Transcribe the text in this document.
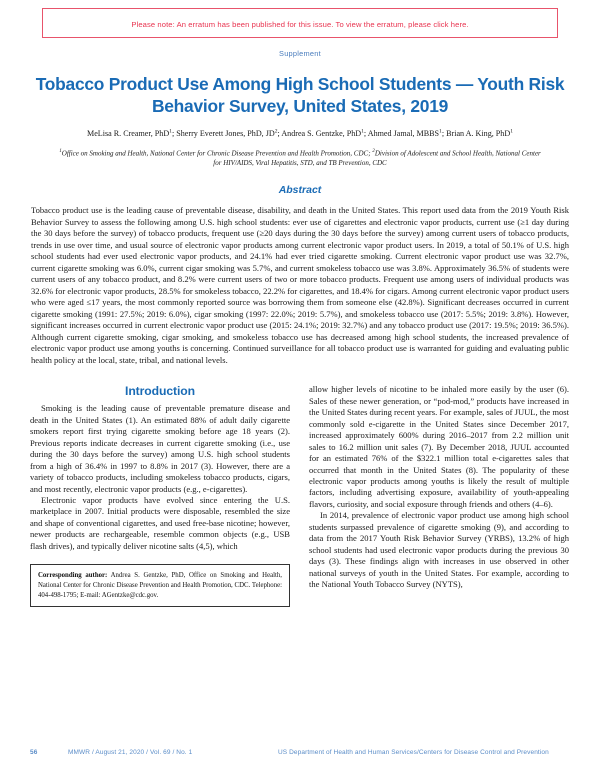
Please note: An erratum has been published for this issue. To view the erratum, please click here.
Supplement
Tobacco Product Use Among High School Students — Youth Risk Behavior Survey, United States, 2019
MeLisa R. Creamer, PhD$^1$; Sherry Everett Jones, PhD, $JD^2$; Andrea S. Gentzke, PhD$^1$; Ahmed Jamal, MBBS$^1$; Brian A. King, PhD$^1$
$^1$Office on Smoking and Health, National Center for Chronic Disease Prevention and Health Promotion, CDC; $^2$Division of Adolescent and School Health, National Center for HIV/AIDS, Viral Hepatitis, STD, and TB Prevention, CDC
Abstract
Tobacco product use is the leading cause of preventable disease, disability, and death in the United States. This report used data from the 2019 Youth Risk Behavior Survey to assess the following among U.S. high school students: ever use of cigarettes and electronic vapor products, current use (≥1 day during the 30 days before the survey) of tobacco products, frequent use (≥20 days during the 30 days before the survey) among current users of tobacco products, trends in use over time, and usual source of electronic vapor products among current electronic vapor product users. In 2019, a total of 50.1% of U.S. high school students had ever used electronic vapor products, and 24.1% had ever tried cigarette smoking. Current electronic vapor product use was 32.7%, current cigarette smoking was 6.0%, current cigar smoking was 5.7%, and current smokeless tobacco use was 3.8%. Approximately 36.5% of students were current users of any tobacco product, and 8.2% were current users of two or more tobacco products. Frequent use among users of individual products was 32.6% for electronic vapor products, 28.5% for smokeless tobacco, 22.2% for cigarettes, and 18.4% for cigars. Among current electronic vapor product users who were aged ≤17 years, the most commonly reported source was borrowing them from someone else (42.8%). Significant decreases occurred in current cigarette smoking (1991: 27.5%; 2019: 6.0%), cigar smoking (1997: 22.0%; 2019: 5.7%), and smokeless tobacco use (2017: 5.5%; 2019: 3.8%). However, significant increases occurred in current electronic vapor product use (2015: 24.1%; 2019: 32.7%) and any tobacco product use (2017: 19.5%; 2019: 36.5%). Although current cigarette smoking, cigar smoking, and smokeless tobacco use has decreased among high school students, the increased prevalence of electronic vapor product use among youths is concerning. Continued surveillance for all tobacco product use is warranted for guiding and evaluating public health policy at the local, state, tribal, and national levels.
Introduction

Smoking is the leading cause of preventable premature disease and death in the United States (1). An estimated 88% of adult daily cigarette smokers report first trying cigarette smoking before age 18 years (2). Previous reports indicate decreases in current cigarette smoking (i.e., use during the 30 days before the survey) among U.S. high school students from a high of 36.4% in 1997 to 8.8% in 2017 (3). However, there are a variety of tobacco products, including smokeless tobacco products, cigars, and most recently, electronic vapor products (e.g., e-cigarettes).

Electronic vapor products have evolved since entering the U.S. marketplace in 2007. Initial products were disposable, resembled the size and shape of conventional cigarettes, and used free-base nicotine; however, newer products are rechargeable, resemble common objects (e.g., USB flash drives), and typically deliver nicotine salts (4,5), which

Corresponding author: Andrea S. Gentzke, PhD, Office on Smoking and Health, National Center for Chronic Disease Prevention and Health Promotion, CDC. Telephone: 404-498-1795; E-mail: AGentzke@cdc.gov.

allow higher levels of nicotine to be inhaled more easily by the user (6). Sales of these newer generation, or “pod-mod,” products have increased in the United States during recent years. For example, sales of JUUL, the most commonly sold e-cigarette in the United States since December 2017, increased approximately 600% during 2016–2017 from 2.2 million unit sales to 16.2 million unit sales (7). By December 2018, JUUL accounted for an estimated 76% of the $322.1 million total e-cigarettes sales that occurred that month in the United States (8). The popularity of these electronic vapor products among youths is likely the result of multiple factors, including advertising exposure, availability of youth-appealing flavors, curiosity, and social exposure through friends and others (4–6).

In 2014, prevalence of electronic vapor product use among high school students surpassed prevalence of cigarette smoking (9), and according to data from the 2017 Youth Risk Behavior Survey (YRBS), 13.2% of high school students had used electronic vapor products during the previous 30 days (3). These findings align with increases in use observed in other national surveys of youth in the United States. For example, according to the National Youth Tobacco Survey (NYTS),

56	MMWR / August 21, 2020 / Vol. 69 / No. 1	US Department of Health and Human Services/Centers for Disease Control and Prevention
